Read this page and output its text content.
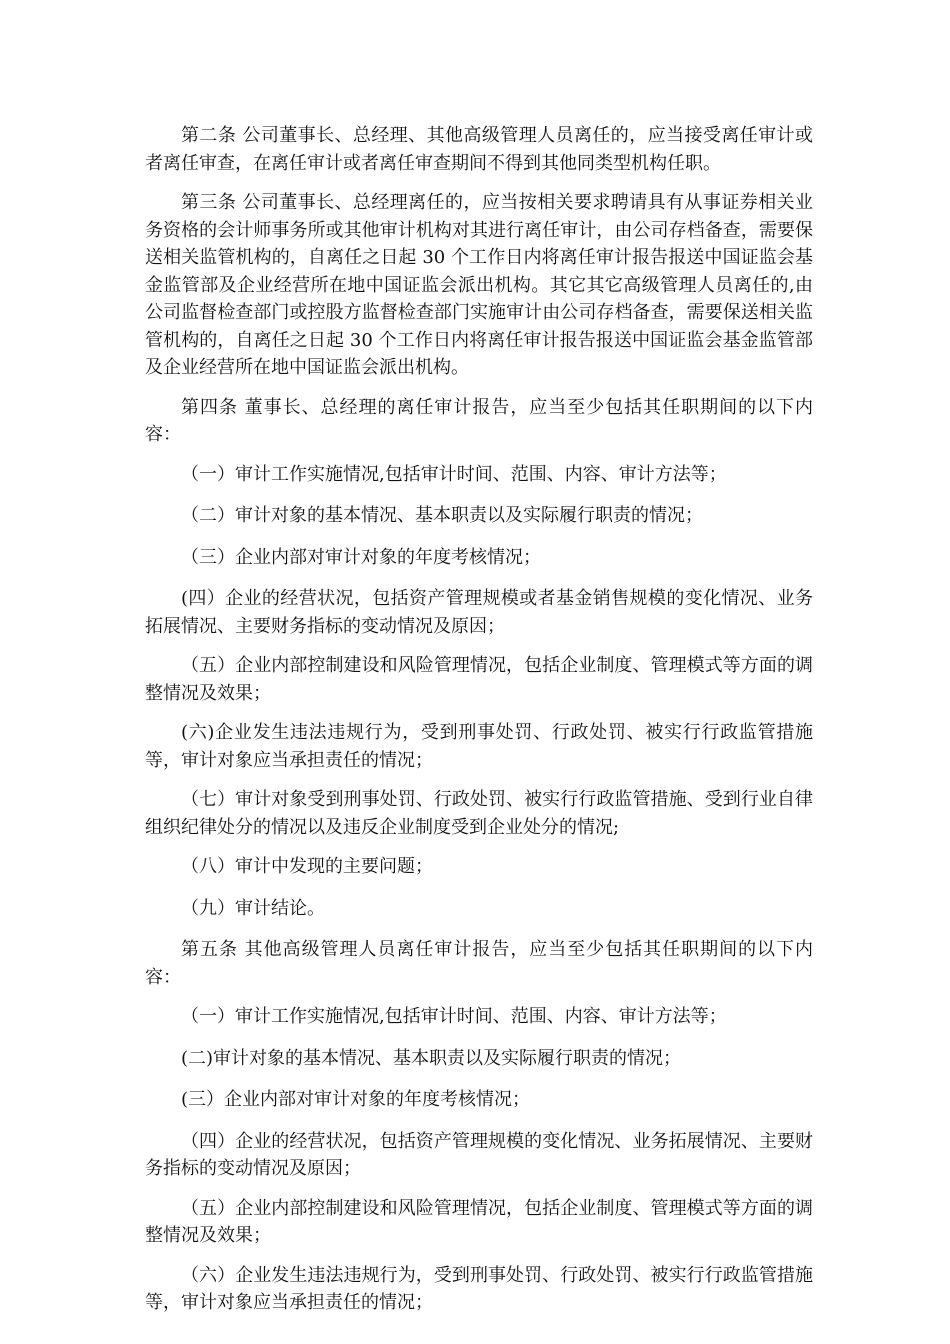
第二条 公司董事长、总经理、其他高级管理人员离任的，应当接受离任审计或者离任审查，在离任审计或者离任审查期间不得到其他同类型机构任职。

第三条 公司董事长、总经理离任的，应当按相关要求聘请具有从事证券相关业务资格的会计师事务所或其他审计机构对其进行离任审计，由公司存档备查，需要保送相关监管机构的，自离任之日起 30 个工作日内将离任审计报告报送中国证监会基金监管部及企业经营所在地中国证监会派出机构。其它其它高级管理人员离任的,由公司监督检查部门或控股方监督检查部门实施审计由公司存档备查，需要保送相关监管机构的，自离任之日起 30 个工作日内将离任审计报告报送中国证监会基金监管部及企业经营所在地中国证监会派出机构。

第四条 董事长、总经理的离任审计报告，应当至少包括其任职期间的以下内容：

（一）审计工作实施情况,包括审计时间、范围、内容、审计方法等；

（二）审计对象的基本情况、基本职责以及实际履行职责的情况；

（三）企业内部对审计对象的年度考核情况；

(四）企业的经营状况，包括资产管理规模或者基金销售规模的变化情况、业务拓展情况、主要财务指标的变动情况及原因；

（五）企业内部控制建设和风险管理情况，包括企业制度、管理模式等方面的调整情况及效果；

(六)企业发生违法违规行为，受到刑事处罚、行政处罚、被实行行政监管措施等，审计对象应当承担责任的情况；

（七）审计对象受到刑事处罚、行政处罚、被实行行政监管措施、受到行业自律组织纪律处分的情况以及违反企业制度受到企业处分的情况;

（八）审计中发现的主要问题；

（九）审计结论。

第五条 其他高级管理人员离任审计报告，应当至少包括其任职期间的以下内容：

（一）审计工作实施情况,包括审计时间、范围、内容、审计方法等；

(二)审计对象的基本情况、基本职责以及实际履行职责的情况；

(三）企业内部对审计对象的年度考核情况；

（四）企业的经营状况，包括资产管理规模的变化情况、业务拓展情况、主要财务指标的变动情况及原因；

（五）企业内部控制建设和风险管理情况，包括企业制度、管理模式等方面的调整情况及效果；

（六）企业发生违法违规行为，受到刑事处罚、行政处罚、被实行行政监管措施等，审计对象应当承担责任的情况；
